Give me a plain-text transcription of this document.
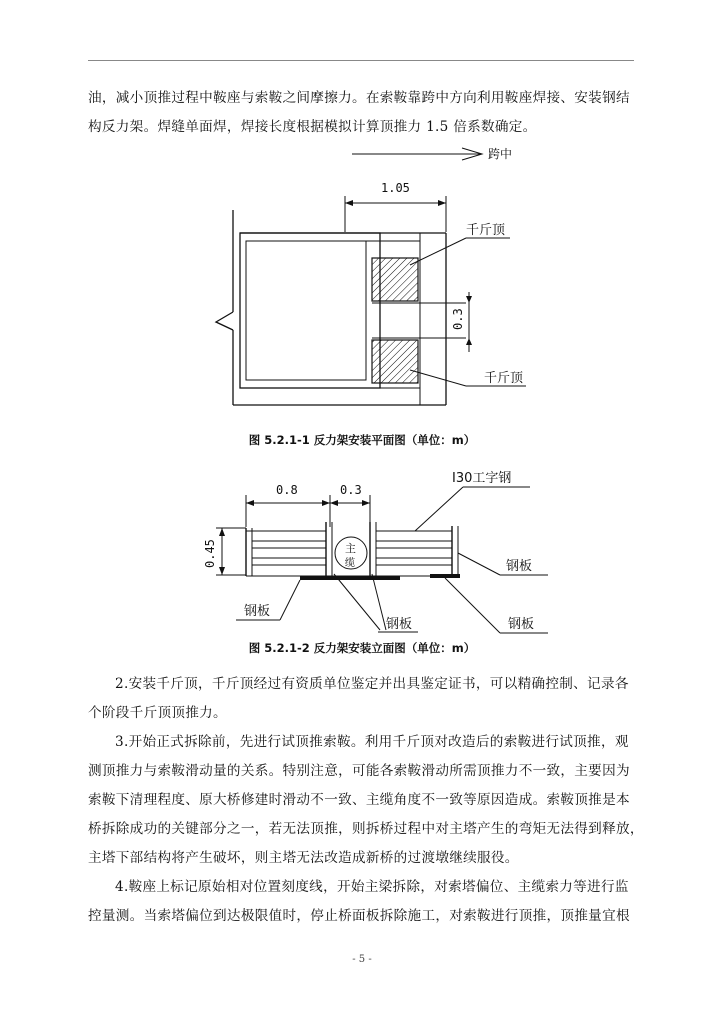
油，减小顶推过程中鞍座与索鞍之间摩擦力。在索鞍靠跨中方向利用鞍座焊接、安装钢结
构反力架。焊缝单面焊，焊接长度根据模拟计算顶推力 1.5 倍系数确定。
跨中
1.05
0.3
千斤顶
千斤顶
图 5.2.1-1 反力架安装平面图（单位：m）
0.8	0.3
0.45	主
缆
I30工字钢
钢板
钢板
钢板
钢板
图 5.2.1-2 反力架安装立面图（单位：m）
2.安装千斤顶，千斤顶经过有资质单位鉴定并出具鉴定证书，可以精确控制、记录各
个阶段千斤顶顶推力。
3.开始正式拆除前，先进行试顶推索鞍。利用千斤顶对改造后的索鞍进行试顶推，观
测顶推力与索鞍滑动量的关系。特别注意，可能各索鞍滑动所需顶推力不一致，主要因为
索鞍下清理程度、原大桥修建时滑动不一致、主缆角度不一致等原因造成。索鞍顶推是本
桥拆除成功的关键部分之一，若无法顶推，则拆桥过程中对主塔产生的弯矩无法得到释放，
主塔下部结构将产生破坏，则主塔无法改造成新桥的过渡墩继续服役。
4.鞍座上标记原始相对位置刻度线，开始主梁拆除，对索塔偏位、主缆索力等进行监
控量测。当索塔偏位到达极限值时，停止桥面板拆除施工，对索鞍进行顶推，顶推量宜根
- 5 -
